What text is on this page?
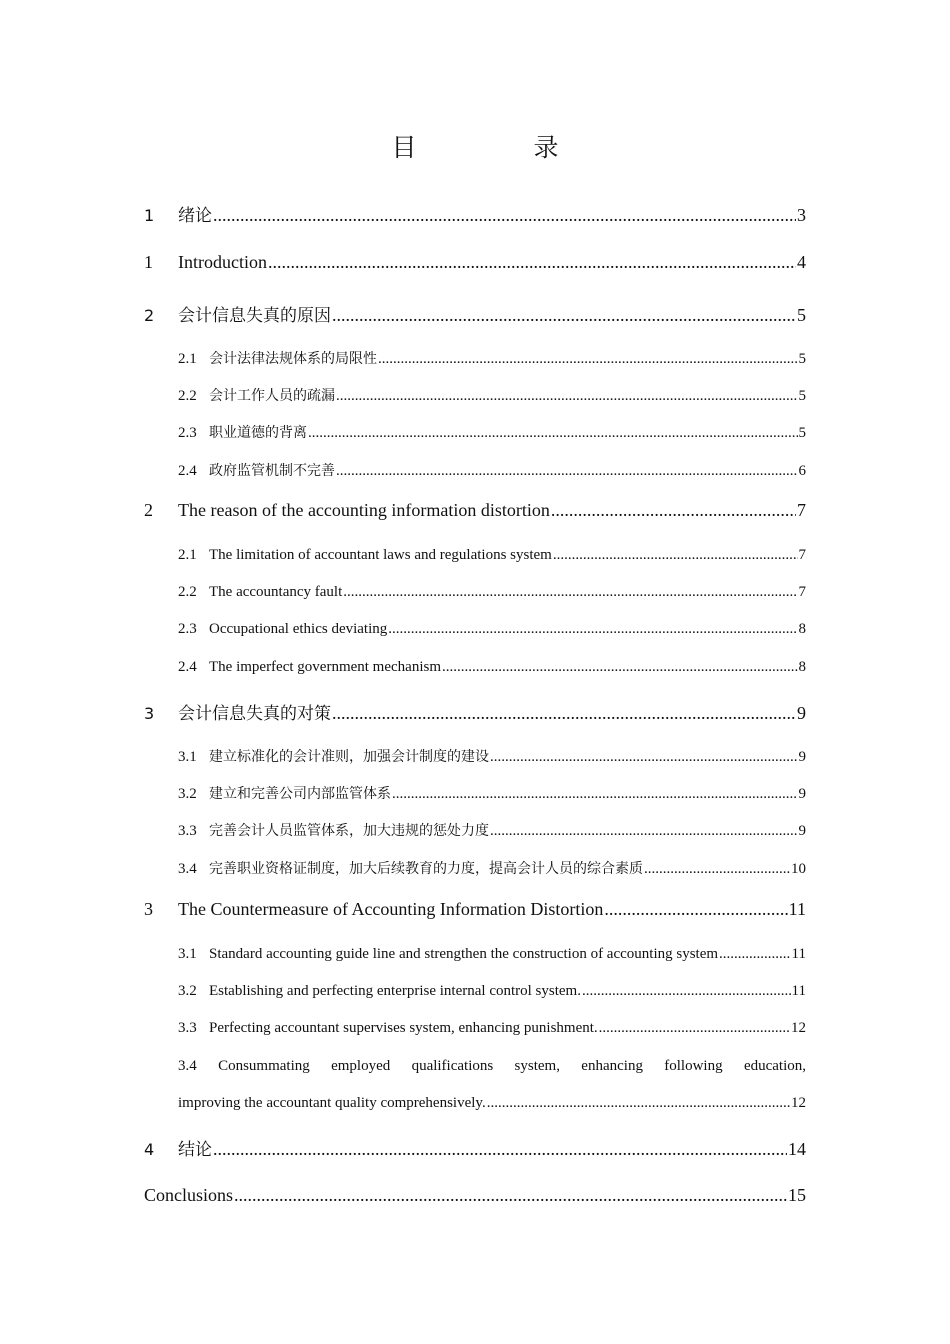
目　录
1	绪论 .....	3
1	Introduction .....	4
2	会计信息失真的原因 .....	5
2.1 会计法律法规体系的局限性 .....	5
2.2 会计工作人员的疏漏 .....	5
2.3 职业道德的背离 .....	5
2.4 政府监管机制不完善 .....	6
2	The reason of the accounting information distortion .....	7
2.1 The limitation of accountant laws and regulations system .....	7
2.2 The accountancy fault .....	7
2.3 Occupational ethics deviating .....	8
2.4 The imperfect government mechanism .....	8
3	会计信息失真的对策 .....	9
3.1 建立标准化的会计准则，加强会计制度的建设 .....	9
3.2 建立和完善公司内部监管体系 .....	9
3.3 完善会计人员监管体系，加大违规的惩处力度 .....	9
3.4 完善职业资格证制度，加大后续教育的力度，提高会计人员的综合素质 .....	10
3	The Countermeasure of Accounting Information Distortion .....	11
3.1 Standard accounting guide line and strengthen the construction of accounting system .....	11
3.2 Establishing and perfecting enterprise internal control system. .....	11
3.3 Perfecting accountant supervises system, enhancing punishment. .....	12
3.4 Consummating employed qualifications system, enhancing following education,
improving the accountant quality comprehensively. .....	12
4	结论 .....	14
Conclusions .....	15
